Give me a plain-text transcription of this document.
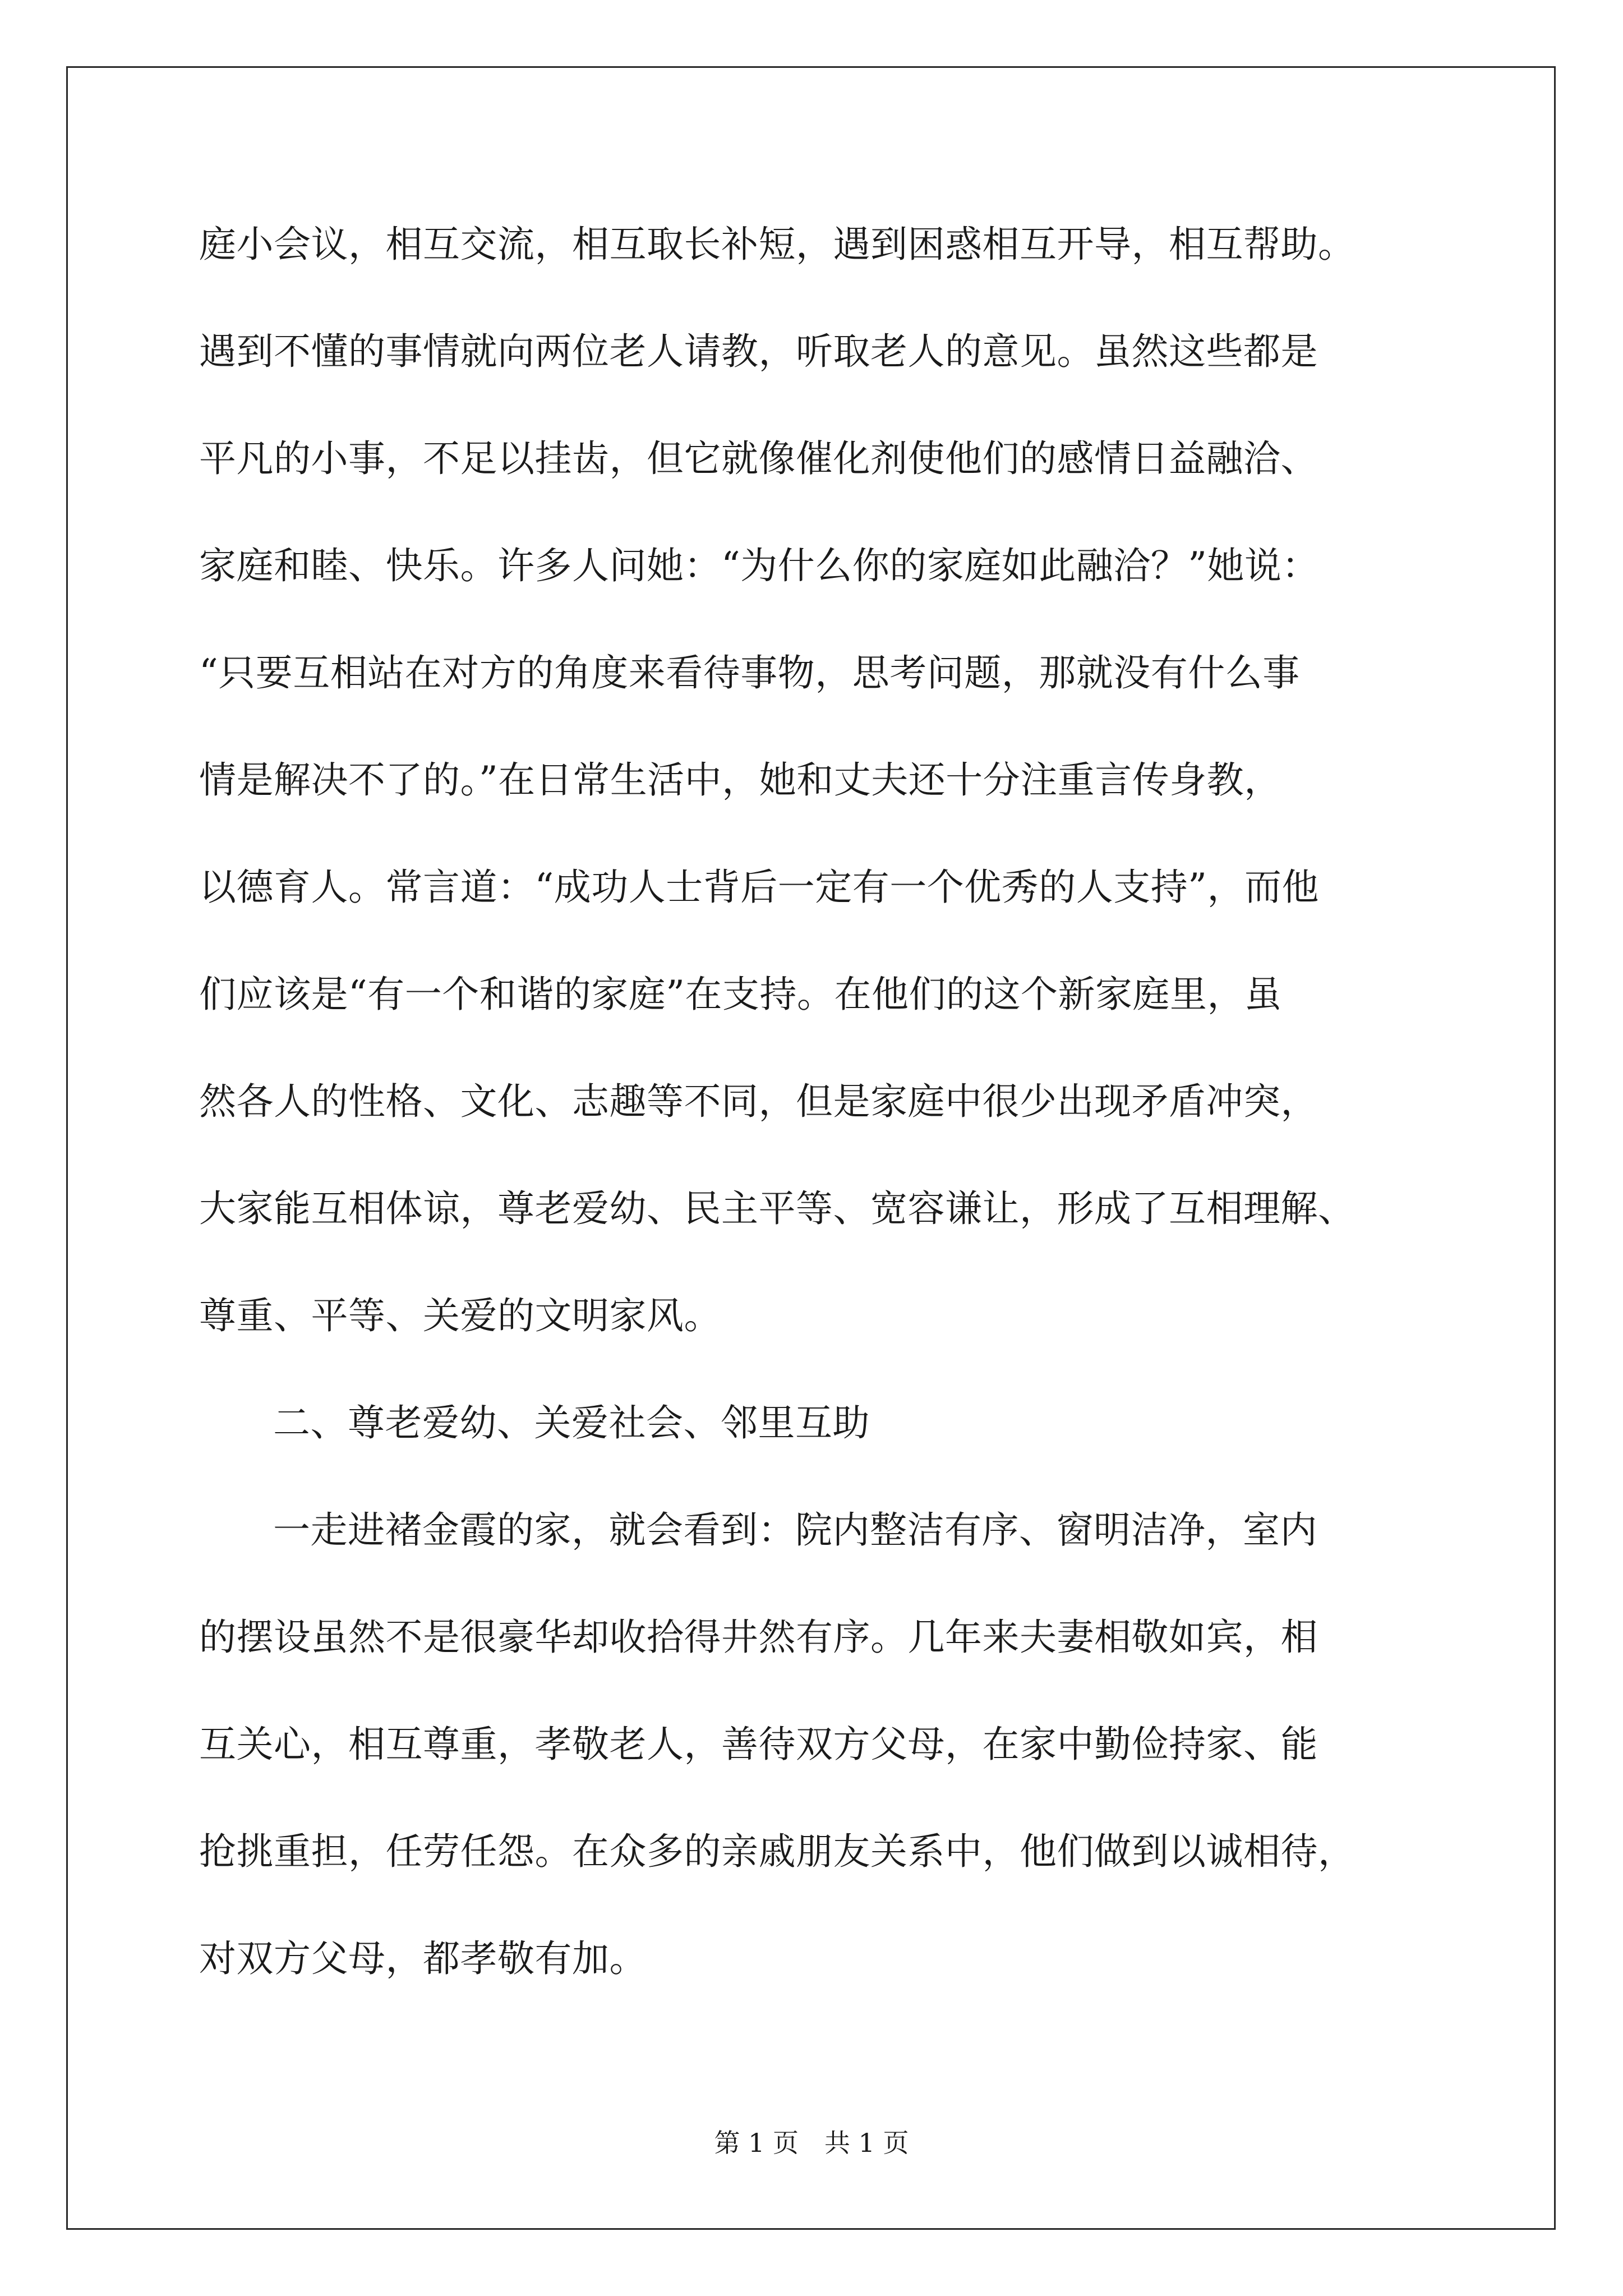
庭小会议，相互交流，相互取长补短，遇到困惑相互开导，相互帮助。
遇到不懂的事情就向两位老人请教，听取老人的意见。虽然这些都是
平凡的小事，不足以挂齿，但它就像催化剂使他们的感情日益融洽、
家庭和睦、快乐。许多人问她：“为什么你的家庭如此融洽？”她说：
“只要互相站在对方的角度来看待事物，思考问题，那就没有什么事
情是解决不了的。”在日常生活中，她和丈夫还十分注重言传身教，
以德育人。常言道：“成功人士背后一定有一个优秀的人支持”，而他
们应该是“有一个和谐的家庭”在支持。在他们的这个新家庭里，虽
然各人的性格、文化、志趣等不同，但是家庭中很少出现矛盾冲突，
大家能互相体谅，尊老爱幼、民主平等、宽容谦让，形成了互相理解、
尊重、平等、关爱的文明家风。
二、尊老爱幼、关爱社会、邻里互助
一走进褚金霞的家，就会看到：院内整洁有序、窗明洁净，室内
的摆设虽然不是很豪华却收拾得井然有序。几年来夫妻相敬如宾，相
互关心，相互尊重，孝敬老人，善待双方父母，在家中勤俭持家、能
抢挑重担，任劳任怨。在众多的亲戚朋友关系中，他们做到以诚相待，
对双方父母，都孝敬有加。
第 1 页　共 1 页
